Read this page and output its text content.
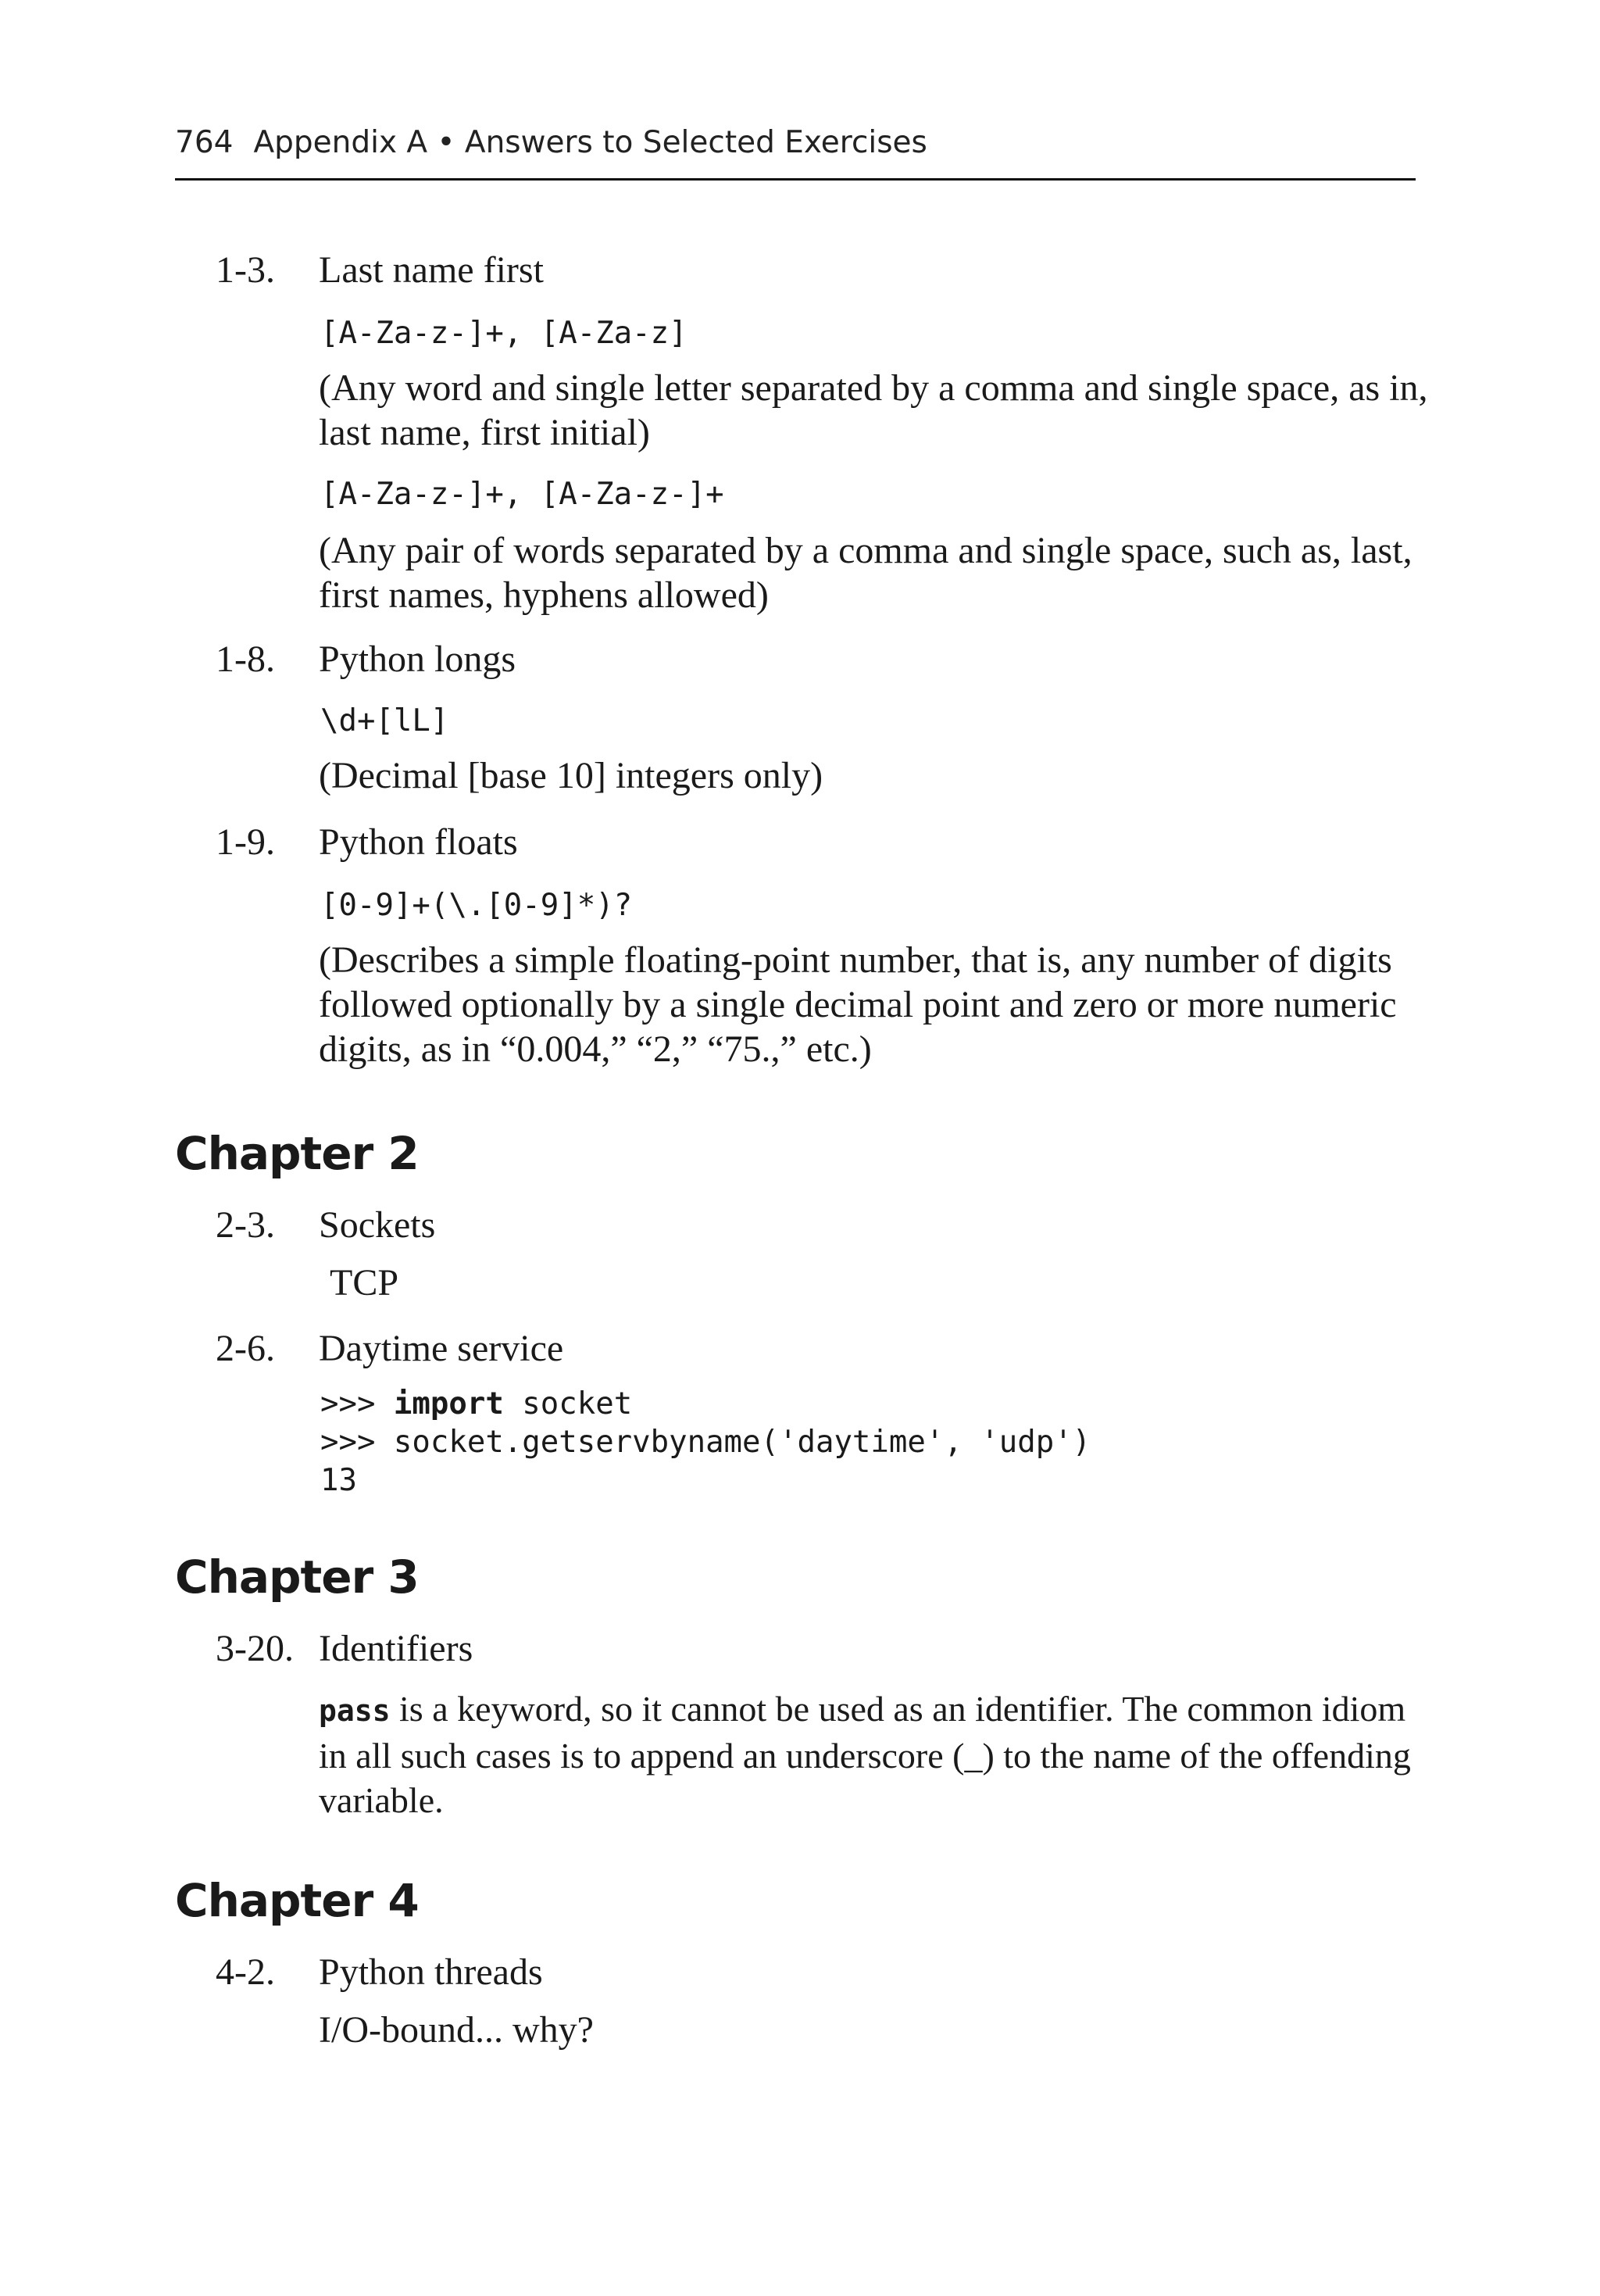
764 Appendix A • Answers to Selected Exercises
1-3. Last name first
[A-Za-z-]+, [A-Za-z]

(Any word and single letter separated by a comma and single space, as in, last name, first initial)

[A-Za-z-]+, [A-Za-z-]+

(Any pair of words separated by a comma and single space, such as, last, first names, hyphens allowed)

1-8. Python longs
\d+[lL]

(Decimal [base 10] integers only)

1-9. Python floats
[0-9]+(\.[0-9]*)?

(Describes a simple floating-point number, that is, any number of digits followed optionally by a single decimal point and zero or more numeric digits, as in “0.004,” “2,” “75.,” etc.)

Chapter 2
2-3. Sockets
TCP
2-6. Daytime service
>>> import socket
>>> socket.getservbyname('daytime', 'udp')
13
Chapter 3
3-20. Identifiers

pass is a keyword, so it cannot be used as an identifier. The common idiom in all such cases is to append an underscore (_) to the name of the offending variable.

Chapter 4
4-2. Python threads
I/O-bound... why?
